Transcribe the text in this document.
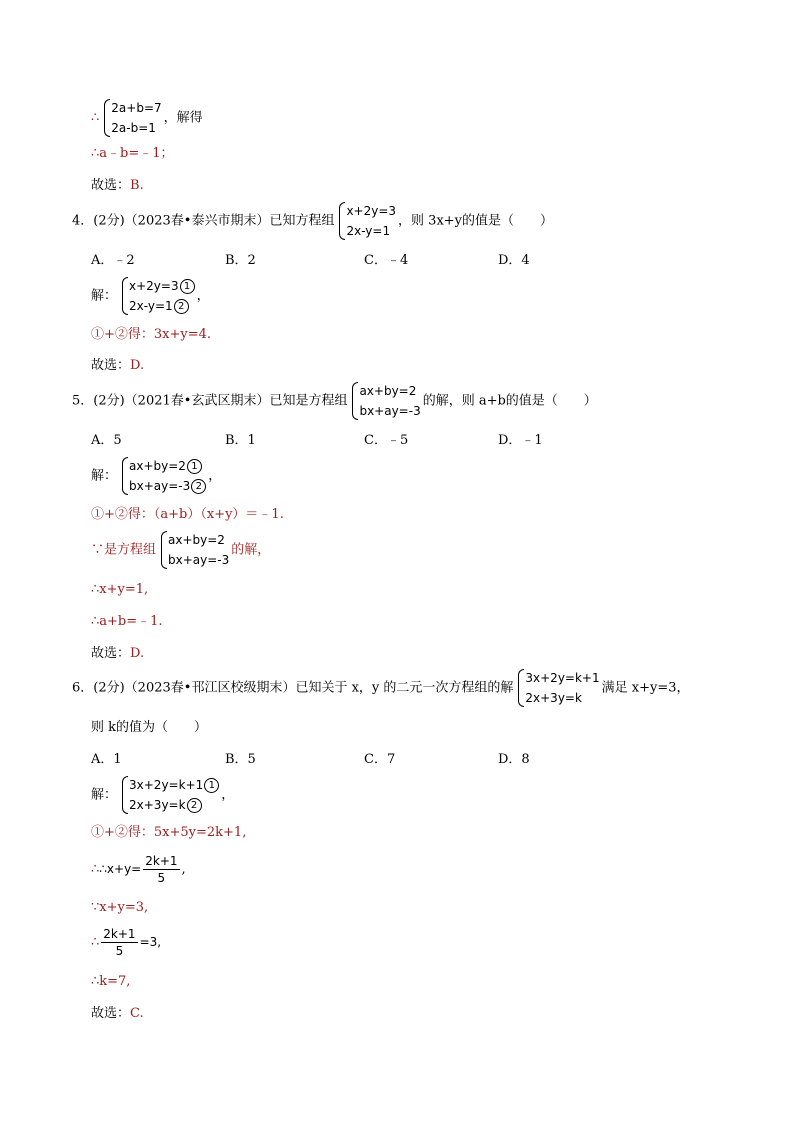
∴
2a+b=7
2a-b=1
，解得
∴a﹣b=﹣1；
故选：B.
4．(2分)（2023春•泰兴市期末）已知方程组
x+2y=3
2x-y=1
，则 3x+y的值是（　　）
A．﹣2	B．2	C．﹣4	D．4
解：
x+2y=3 1
2x-y=1 2
，
①+②得：3x+y=4.
故选：D.
5．(2分)（2021春•玄武区期末）已知是方程组
ax+by=2
bx+ay=-3
的解，则 a+b的值是（　　）
A．5	B．1	C．﹣5	D．﹣1
解：
ax+by=2 1
bx+ay=-3 2
，
①+②得：（a+b）（x+y）＝﹣1.
∵是方程组
ax+by=2
bx+ay=-3
的解，
∴x+y=1,
∴a+b=﹣1.
故选：D.
6．(2分)（2023春•邗江区校级期末）已知关于 x，y 的二元一次方程组的解
3x+2y=k+1
2x+3y=k
满足 x+y=3，
则 k的值为（　　）
A．1	B．5	C．7	D．8
解：
3x+2y=k+1 1
2x+3y=k 2
，
①+②得：5x+5y=2k+1,
∴∴x+y= $\frac{2k+1}{5}$ ,
∵x+y=3,
∴ $\frac{2k+1}{5} =3$,
∴k=7,
故选：C.
